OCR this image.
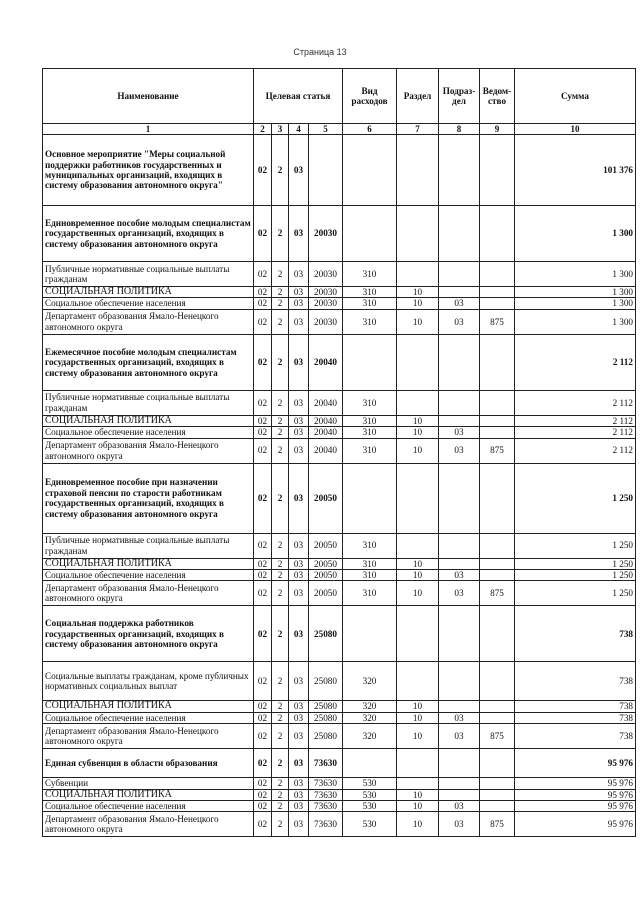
Страница 13
Наименование	Целевая статья				Вид расходов	Раздел	Подраз-дел	Ведом-ство	Сумма
1	2	3	4	5	6	7	8	9	10
Основное мероприятие "Меры социальной поддержки работников государственных и муниципальных организаций, входящих в систему образования автономного округа"	02	2	03						101 376
Единовременное пособие молодым специалистам государственных организаций, входящих в систему образования автономного округа	02	2	03	20030					1 300
Публичные нормативные социальные выплаты гражданам	02	2	03	20030	310				1 300
СОЦИАЛЬНАЯ ПОЛИТИКА	02	2	03	20030	310	10			1 300
Социальное обеспечение населения	02	2	03	20030	310	10	03		1 300
Департамент образования Ямало-Ненецкого автономного округа	02	2	03	20030	310	10	03	875	1 300
Ежемесячное пособие молодым специалистам государственных организаций, входящих в систему образования автономного округа	02	2	03	20040					2 112
Публичные нормативные социальные выплаты гражданам	02	2	03	20040	310				2 112
СОЦИАЛЬНАЯ ПОЛИТИКА	02	2	03	20040	310	10			2 112
Социальное обеспечение населения	02	2	03	20040	310	10	03		2 112
Департамент образования Ямало-Ненецкого автономного округа	02	2	03	20040	310	10	03	875	2 112
Единовременное пособие при назначении страховой пенсии по старости работникам государственных организаций, входящих в систему образования автономного округа	02	2	03	20050					1 250
Публичные нормативные социальные выплаты гражданам	02	2	03	20050	310				1 250
СОЦИАЛЬНАЯ ПОЛИТИКА	02	2	03	20050	310	10			1 250
Социальное обеспечение населения	02	2	03	20050	310	10	03		1 250
Департамент образования Ямало-Ненецкого автономного округа	02	2	03	20050	310	10	03	875	1 250
Социальная поддержка работников государственных организаций, входящих в систему образования автономного округа	02	2	03	25080					738
Социальные выплаты гражданам, кроме публичных нормативных социальных выплат	02	2	03	25080	320				738
СОЦИАЛЬНАЯ ПОЛИТИКА	02	2	03	25080	320	10			738
Социальное обеспечение населения	02	2	03	25080	320	10	03		738
Департамент образования Ямало-Ненецкого автономного округа	02	2	03	25080	320	10	03	875	738
Единая субвенция в области образования	02	2	03	73630					95 976
Субвенции	02	2	03	73630	530				95 976
СОЦИАЛЬНАЯ ПОЛИТИКА	02	2	03	73630	530	10			95 976
Социальное обеспечение населения	02	2	03	73630	530	10	03		95 976
Департамент образования Ямало-Ненецкого автономного округа	02	2	03	73630	530	10	03	875	95 976
